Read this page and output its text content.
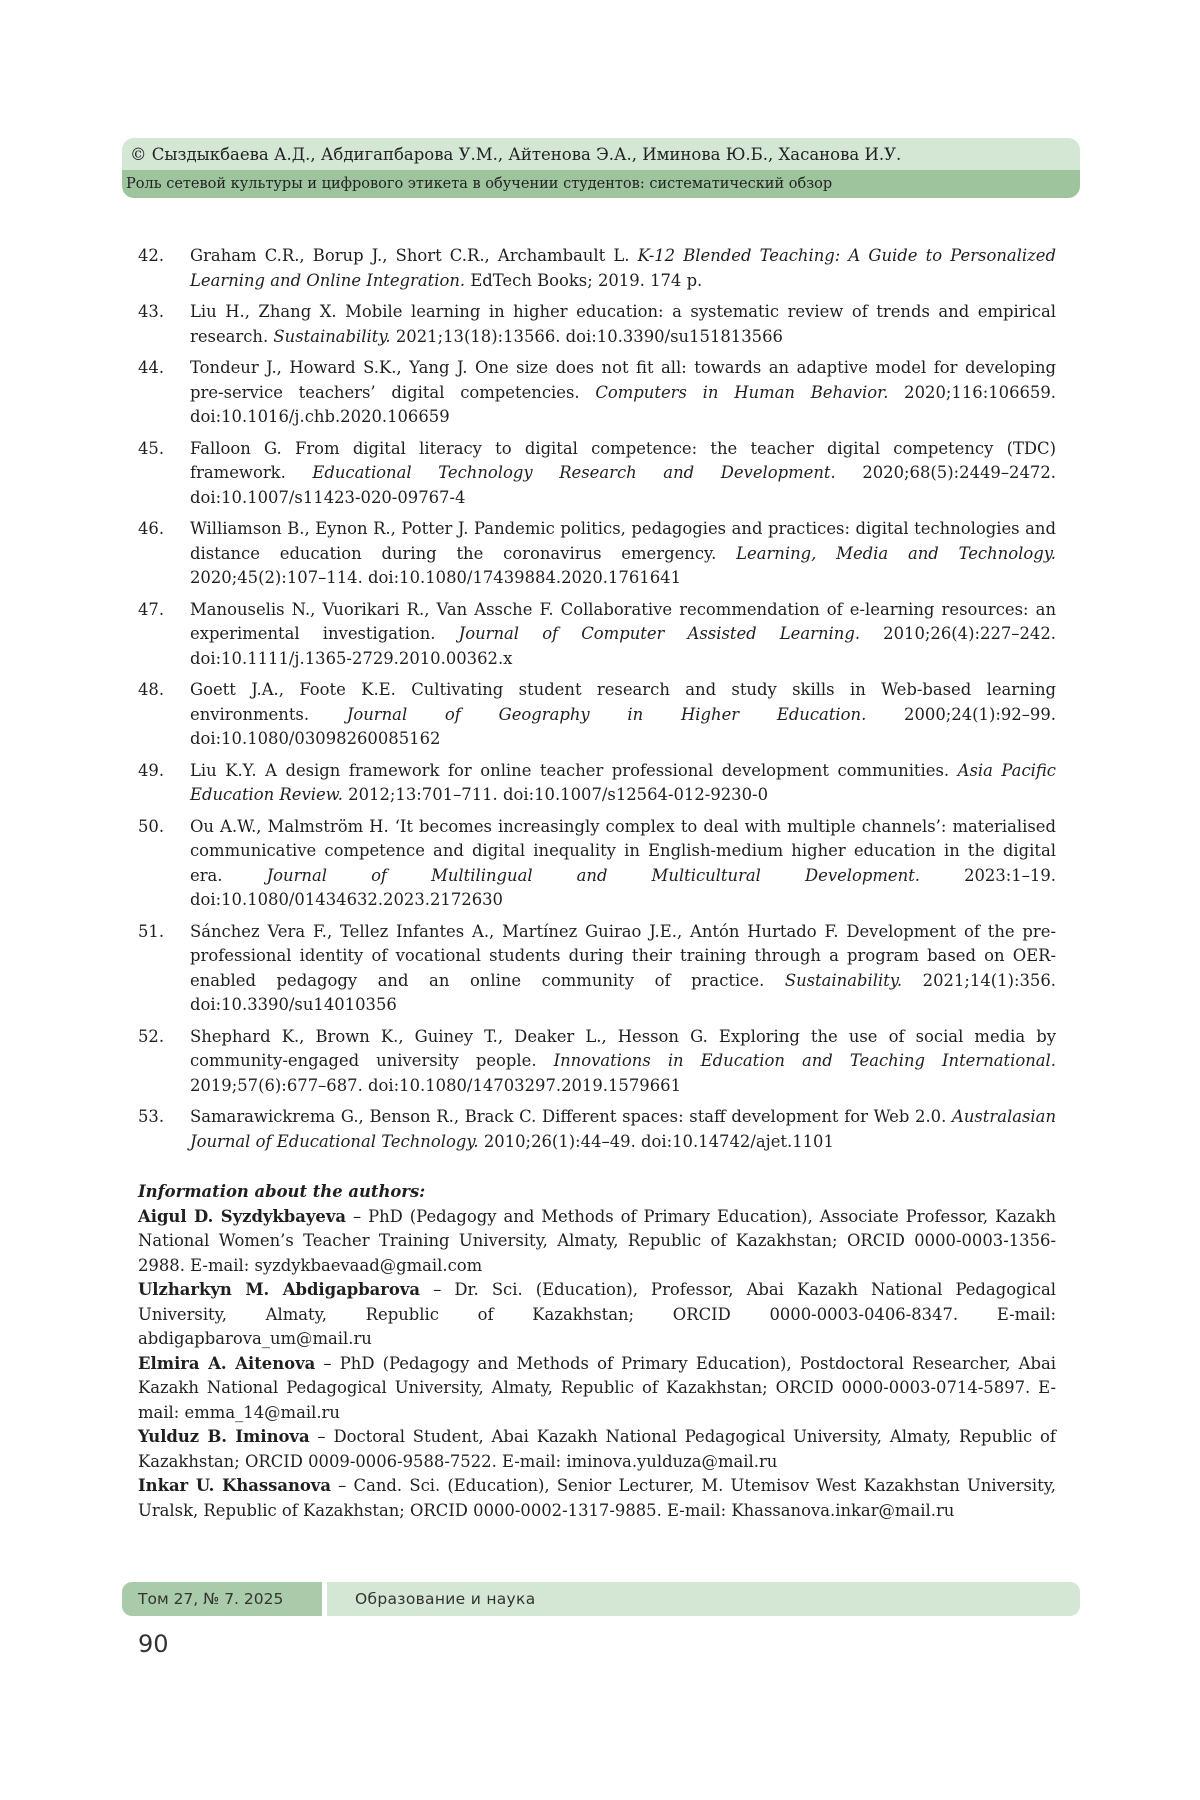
© Сыздыкбаева А.Д., Абдигапбарова У.М., Айтенова Э.А., Иминова Ю.Б., Хасанова И.У.
Роль сетевой культуры и цифрового этикета в обучении студентов: систематический обзор
42.	Graham C.R., Borup J., Short C.R., Archambault L. K-12 Blended Teaching: A Guide to Personalized Learning and Online Integration. EdTech Books; 2019. 174 p.
43.	Liu H., Zhang X. Mobile learning in higher education: a systematic review of trends and empirical research. Sustainability. 2021;13(18):13566. doi:10.3390/su151813566
44.	Tondeur J., Howard S.K., Yang J. One size does not fit all: towards an adaptive model for developing pre-service teachers’ digital competencies. Computers in Human Behavior. 2020;116:106659. doi:10.1016/j.chb.2020.106659
45.	Falloon G. From digital literacy to digital competence: the teacher digital competency (TDC) framework. Educational Technology Research and Development. 2020;68(5):2449–2472. doi:10.1007/s11423-020-09767-4
46.	Williamson B., Eynon R., Potter J. Pandemic politics, pedagogies and practices: digital technologies and distance education during the coronavirus emergency. Learning, Media and Technology. 2020;45(2):107–114. doi:10.1080/17439884.2020.1761641
47.	Manouselis N., Vuorikari R., Van Assche F. Collaborative recommendation of e-learning resources: an experimental investigation. Journal of Computer Assisted Learning. 2010;26(4):227–242. doi:10.1111/j.1365-2729.2010.00362.x
48.	Goett J.A., Foote K.E. Cultivating student research and study skills in Web-based learning environments. Journal of Geography in Higher Education. 2000;24(1):92–99. doi:10.1080/03098260085162
49.	Liu K.Y. A design framework for online teacher professional development communities. Asia Pacific Education Review. 2012;13:701–711. doi:10.1007/s12564-012-9230-0
50.	Ou A.W., Malmström H. ‘It becomes increasingly complex to deal with multiple channels’: materialised communicative competence and digital inequality in English-medium higher education in the digital era. Journal of Multilingual and Multicultural Development. 2023:1–19. doi:10.1080/01434632.2023.2172630
51.	Sánchez Vera F., Tellez Infantes A., Martínez Guirao J.E., Antón Hurtado F. Development of the pre-professional identity of vocational students during their training through a program based on OER-enabled pedagogy and an online community of practice. Sustainability. 2021;14(1):356. doi:10.3390/su14010356
52.	Shephard K., Brown K., Guiney T., Deaker L., Hesson G. Exploring the use of social media by community-engaged university people. Innovations in Education and Teaching International. 2019;57(6):677–687. doi:10.1080/14703297.2019.1579661
53.	Samarawickrema G., Benson R., Brack C. Different spaces: staff development for Web 2.0. Australasian Journal of Educational Technology. 2010;26(1):44–49. doi:10.14742/ajet.1101
Information about the authors:
Aigul D. Syzdykbayeva – PhD (Pedagogy and Methods of Primary Education), Associate Professor, Kazakh National Women’s Teacher Training University, Almaty, Republic of Kazakhstan; ORCID 0000-0003-1356-2988. E-mail: syzdykbaevaad@gmail.com
Ulzharkyn M. Abdigapbarova – Dr. Sci. (Education), Professor, Abai Kazakh National Pedagogical University, Almaty, Republic of Kazakhstan; ORCID 0000-0003-0406-8347. E-mail: abdigapbarova_um@mail.ru
Elmira A. Aitenova – PhD (Pedagogy and Methods of Primary Education), Postdoctoral Researcher, Abai Kazakh National Pedagogical University, Almaty, Republic of Kazakhstan; ORCID 0000-0003-0714-5897. E-mail: emma_14@mail.ru
Yulduz B. Iminova – Doctoral Student, Abai Kazakh National Pedagogical University, Almaty, Republic of Kazakhstan; ORCID 0009-0006-9588-7522. E-mail: iminova.yulduza@mail.ru
Inkar U. Khassanova – Cand. Sci. (Education), Senior Lecturer, M. Utemisov West Kazakhstan University, Uralsk, Republic of Kazakhstan; ORCID 0000-0002-1317-9885. E-mail: Khassanova.inkar@mail.ru
Том 27, № 7. 2025	Образование и наука
90
